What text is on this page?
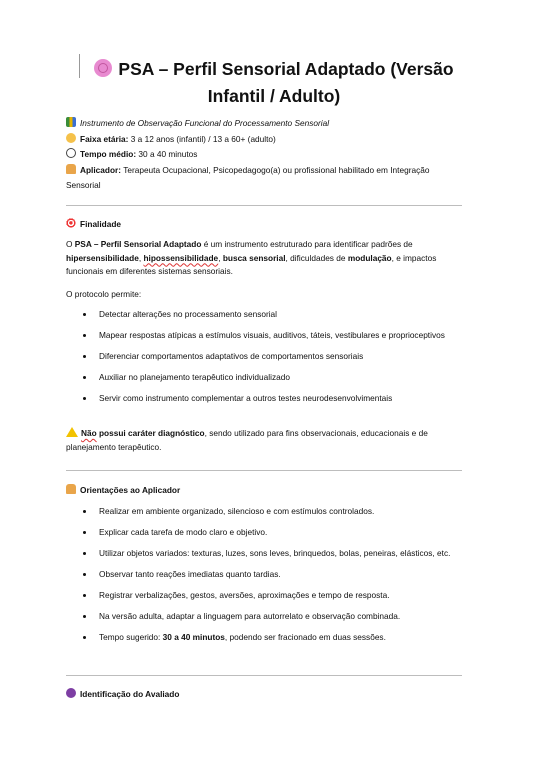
PSA – Perfil Sensorial Adaptado (Versão Infantil / Adulto)
Instrumento de Observação Funcional do Processamento Sensorial
Faixa etária: 3 a 12 anos (infantil) / 13 a 60+ (adulto)
Tempo médio: 30 a 40 minutos
Aplicador: Terapeuta Ocupacional, Psicopedagogo(a) ou profissional habilitado em Integração Sensorial
Finalidade
O PSA – Perfil Sensorial Adaptado é um instrumento estruturado para identificar padrões de hipersensibilidade, hipossensibilidade, busca sensorial, dificuldades de modulação, e impactos funcionais em diferentes sistemas sensoriais.
O protocolo permite:
Detectar alterações no processamento sensorial
Mapear respostas atípicas a estímulos visuais, auditivos, táteis, vestibulares e proprioceptivos
Diferenciar comportamentos adaptativos de comportamentos sensoriais
Auxiliar no planejamento terapêutico individualizado
Servir como instrumento complementar a outros testes neurodesenvolvimentais
Não possui caráter diagnóstico, sendo utilizado para fins observacionais, educacionais e de planejamento terapêutico.
Orientações ao Aplicador
Realizar em ambiente organizado, silencioso e com estímulos controlados.
Explicar cada tarefa de modo claro e objetivo.
Utilizar objetos variados: texturas, luzes, sons leves, brinquedos, bolas, peneiras, elásticos, etc.
Observar tanto reações imediatas quanto tardias.
Registrar verbalizações, gestos, aversões, aproximações e tempo de resposta.
Na versão adulta, adaptar a linguagem para autorrelato e observação combinada.
Tempo sugerido: 30 a 40 minutos, podendo ser fracionado em duas sessões.
Identificação do Avaliado
